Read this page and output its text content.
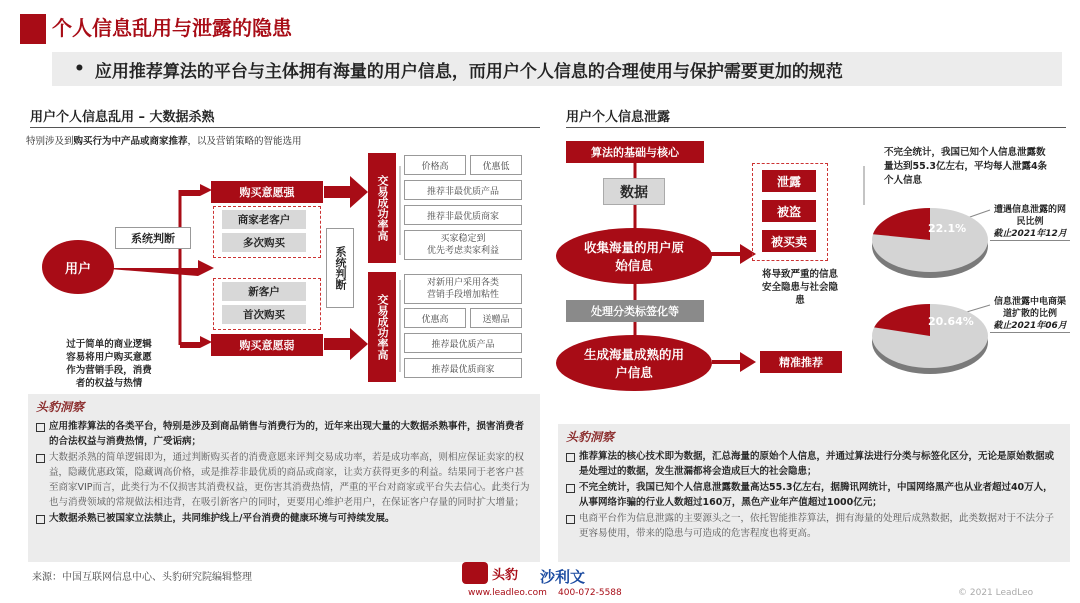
个人信息乱用与泄露的隐患
• 应用推荐算法的平台与主体拥有海量的用户信息，而用户个人信息的合理使用与保护需要更加的规范
用户个人信息乱用 – 大数据杀熟
特别涉及到购买行为中产品或商家推荐，以及营销策略的智能选用
用户
系统判断
购买意愿强
商家老客户
多次购买
新客户
首次购买
购买意愿弱
系统判断
交易成功率高
交易成功率高
价格高	优惠低
推荐非最优质产品
推荐非最优质商家
买家稳定到
优先考虑卖家利益
对新用户采用各类
营销手段增加粘性
优惠高	送赠品
推荐最优质产品
推荐最优质商家
过于简单的商业逻辑
容易将用户购买意愿
作为营销手段，消费
者的权益与热情
头豹洞察
应用推荐算法的各类平台，特别是涉及到商品销售与消费行为的，近年来出现大量的大数据杀熟事件，损害消费者的合法权益与消费热情，广受诟病；
大数据杀熟的简单逻辑即为，通过判断购买者的消费意愿来评判交易成功率，若是成功率高，则相应保证卖家的权益，隐藏优惠政策，隐藏调高价格，或是推荐非最优质的商品或商家，让卖方获得更多的利益。结果同于老客户甚至商家VIP而言，此类行为不仅损害其消费权益，更伤害其消费热情，严重的平台对商家或平台失去信心。此类行为也与消费领域的常规做法相违背，在吸引新客户的同时，更要用心维护老用户，在保证客户存量的同时扩大增量；
大数据杀熟已被国家立法禁止，共同维护线上/平台消费的健康环境与可持续发展。
用户个人信息泄露
算法的基础与核心
数据
收集海量的用户原始信息
处理分类标签化等
生成海量成熟的用户信息
泄露
被盗
被买卖
将导致严重的信息安全隐患与社会隐患
精准推荐
不完全统计，我国已知个人信息泄露数量达到55.3亿左右，平均每人泄露4条个人信息
22.1%
遭遇信息泄露的网民比例
截止2021年12月
20.64%
信息泄露中电商渠道扩散的比例
截止2021年06月
头豹洞察
推荐算法的核心技术即为数据，汇总海量的原始个人信息，并通过算法进行分类与标签化区分，无论是原始数据或是处理过的数据，发生泄漏都将会造成巨大的社会隐患；
不完全统计，我国已知个人信息泄露数量高达55.3亿左右，据腾讯网统计，中国网络黑产也从业者超过40万人，从事网络诈骗的行业人数超过160万，黑色产业年产值超过1000亿元；
电商平台作为信息泄露的主要源头之一，依托智能推荐算法，拥有海量的处理后成熟数据，此类数据对于不法分子更容易使用，带来的隐患与可造成的危害程度也将更高。
来源：中国互联网信息中心、头豹研究院编辑整理	头豹 沙利文
www.leadleo.com 400-072-5588	© 2021 LeadLeo
